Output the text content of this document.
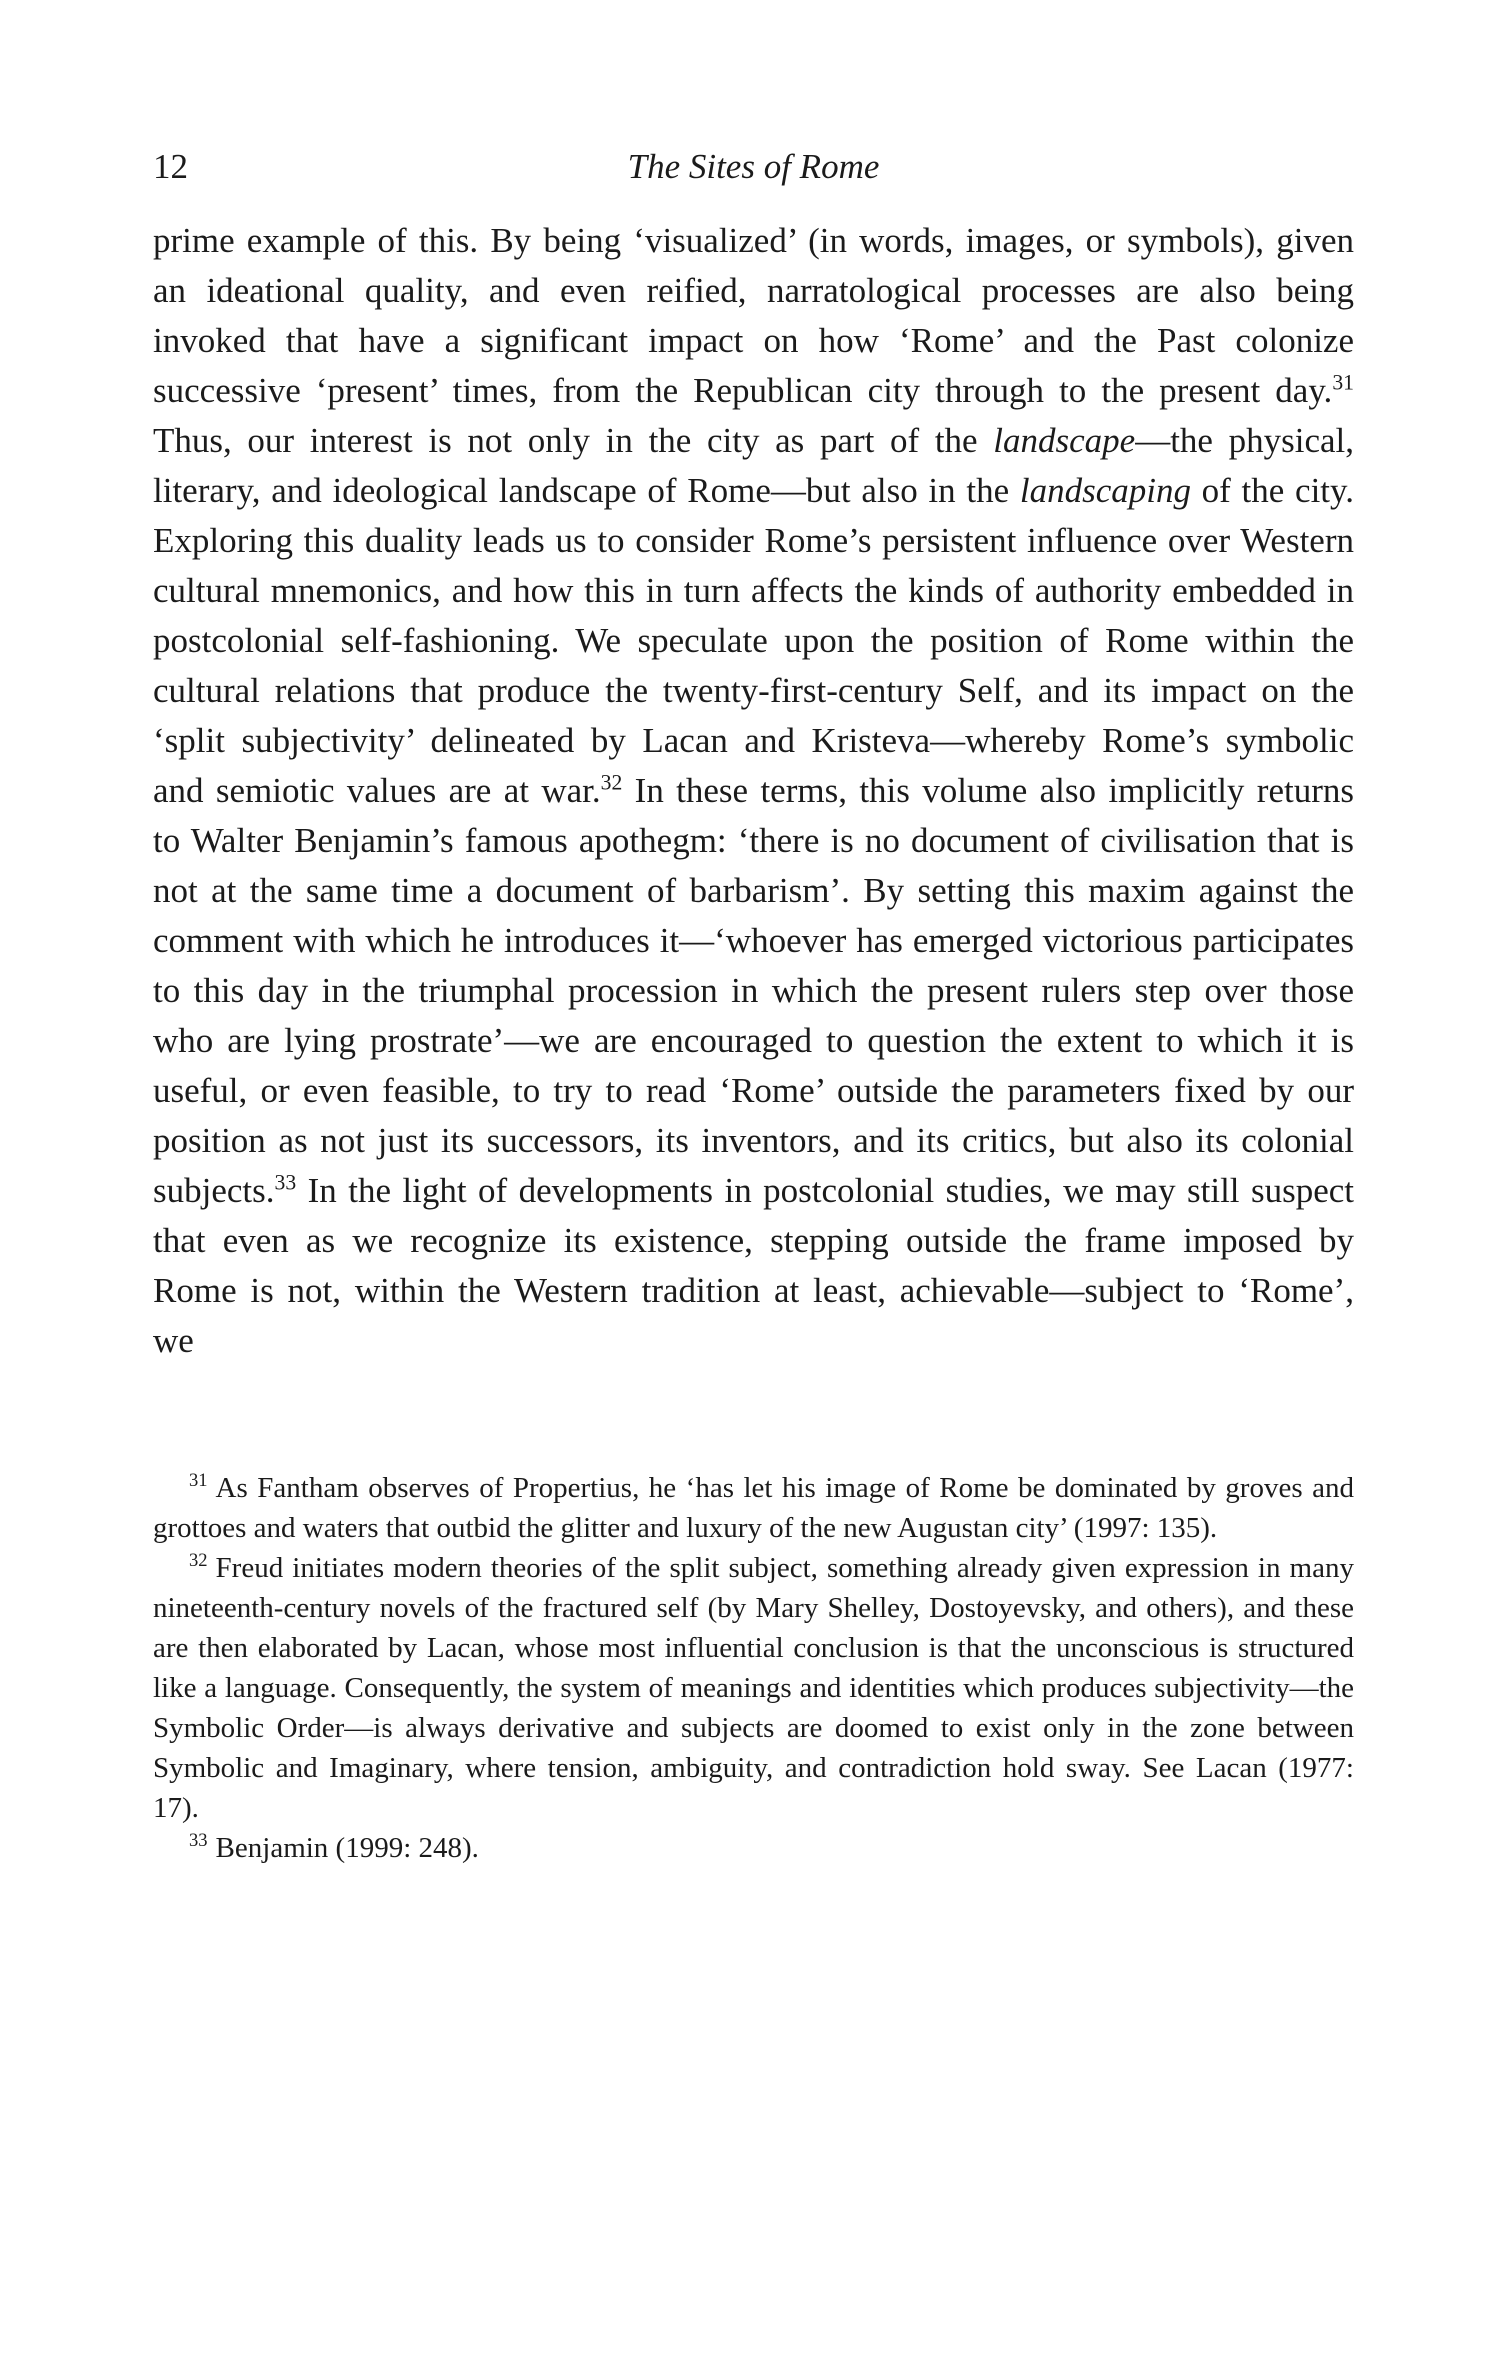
12	The Sites of Rome

prime example of this. By being ‘visualized’ (in words, images, or symbols), given an ideational quality, and even reified, narratological processes are also being invoked that have a significant impact on how ‘Rome’ and the Past colonize successive ‘present’ times, from the Republican city through to the present day.$^{31}$ Thus, our interest is not only in the city as part of the landscape—the physical, literary, and ideological landscape of Rome—but also in the landscaping of the city. Exploring this duality leads us to consider Rome’s persistent influence over Western cultural mnemonics, and how this in turn affects the kinds of authority embedded in postcolonial self-fashioning. We speculate upon the position of Rome within the cultural relations that produce the twenty-first-century Self, and its impact on the ‘split subjectivity’ delineated by Lacan and Kristeva—whereby Rome’s symbolic and semiotic values are at war.$^{32}$ In these terms, this volume also implicitly returns to Walter Benjamin’s famous apothegm: ‘there is no document of civilisation that is not at the same time a document of barbarism’. By setting this maxim against the comment with which he introduces it—‘whoever has emerged victorious participates to this day in the triumphal procession in which the present rulers step over those who are lying prostrate’—we are encouraged to question the extent to which it is useful, or even feasible, to try to read ‘Rome’ outside the parameters fixed by our position as not just its successors, its inventors, and its critics, but also its colonial subjects.$^{33}$ In the light of developments in postcolonial studies, we may still suspect that even as we recognize its existence, stepping outside the frame imposed by Rome is not, within the Western tradition at least, achievable—subject to ‘Rome’, we

$^{31}$ As Fantham observes of Propertius, he ‘has let his image of Rome be dominated by groves and grottoes and waters that outbid the glitter and luxury of the new Augustan city’ (1997: 135).

$^{32}$ Freud initiates modern theories of the split subject, something already given expression in many nineteenth-century novels of the fractured self (by Mary Shelley, Dostoyevsky, and others), and these are then elaborated by Lacan, whose most influential conclusion is that the unconscious is structured like a language. Consequently, the system of meanings and identities which produces subjectivity—the Symbolic Order—is always derivative and subjects are doomed to exist only in the zone between Symbolic and Imaginary, where tension, ambiguity, and contradiction hold sway. See Lacan (1977: 17).

$^{33}$ Benjamin (1999: 248).
